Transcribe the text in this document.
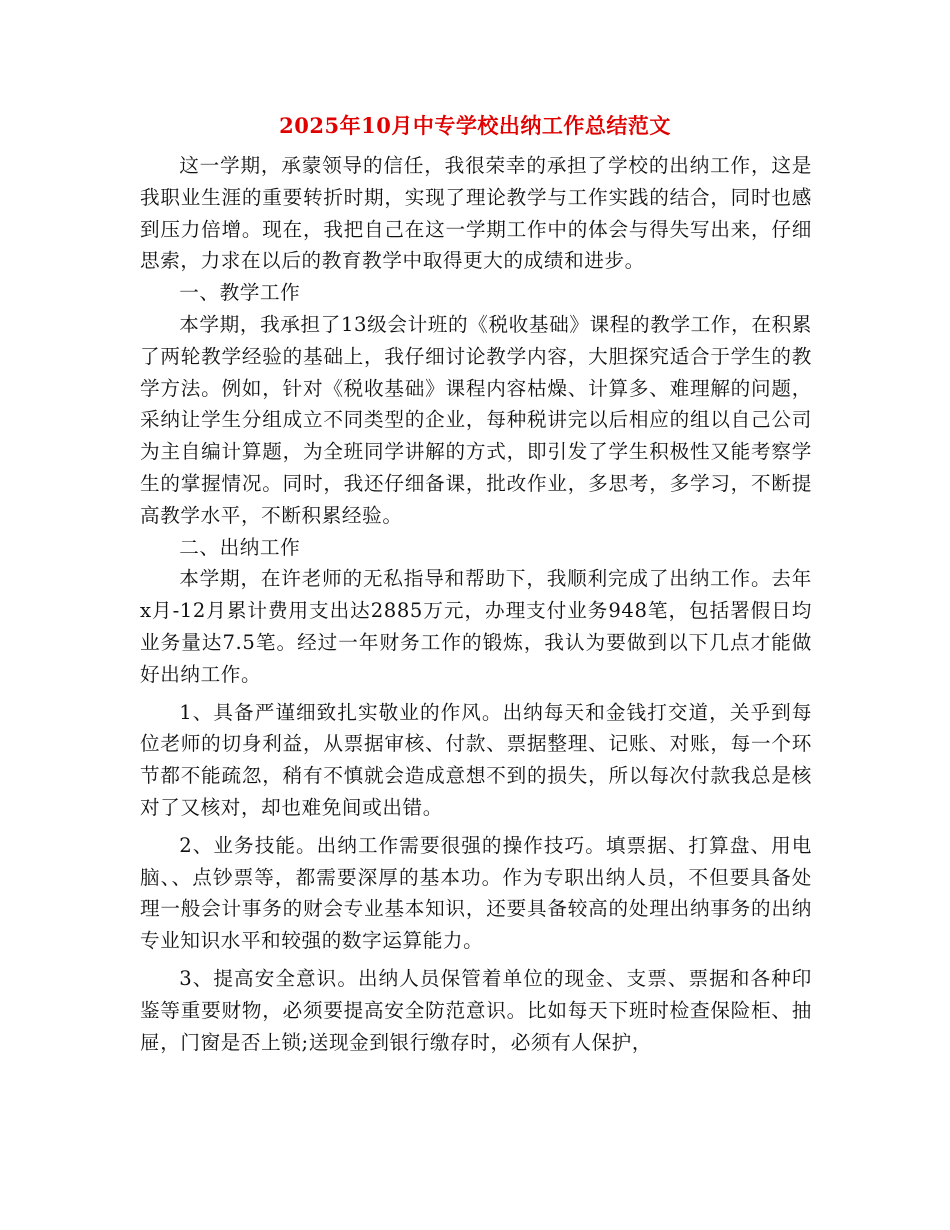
2025年10月中专学校出纳工作总结范文

这一学期，承蒙领导的信任，我很荣幸的承担了学校的出纳工作，这是我职业生涯的重要转折时期，实现了理论教学与工作实践的结合，同时也感到压力倍增。现在，我把自己在这一学期工作中的体会与得失写出来，仔细思索，力求在以后的教育教学中取得更大的成绩和进步。

一、教学工作

本学期，我承担了13级会计班的《税收基础》课程的教学工作，在积累了两轮教学经验的基础上，我仔细讨论教学内容，大胆探究适合于学生的教学方法。例如，针对《税收基础》课程内容枯燥、计算多、难理解的问题，采纳让学生分组成立不同类型的企业，每种税讲完以后相应的组以自己公司为主自编计算题，为全班同学讲解的方式，即引发了学生积极性又能考察学生的掌握情况。同时，我还仔细备课，批改作业，多思考，多学习，不断提高教学水平，不断积累经验。

二、出纳工作

本学期，在许老师的无私指导和帮助下，我顺利完成了出纳工作。去年x月-12月累计费用支出达2885万元，办理支付业务948笔，包括署假日均业务量达7.5笔。经过一年财务工作的锻炼，我认为要做到以下几点才能做好出纳工作。

1、具备严谨细致扎实敬业的作风。出纳每天和金钱打交道，关乎到每位老师的切身利益，从票据审核、付款、票据整理、记账、对账，每一个环节都不能疏忽，稍有不慎就会造成意想不到的损失，所以每次付款我总是核对了又核对，却也难免间或出错。

2、业务技能。出纳工作需要很强的操作技巧。填票据、打算盘、用电脑、、点钞票等，都需要深厚的基本功。作为专职出纳人员，不但要具备处理一般会计事务的财会专业基本知识，还要具备较高的处理出纳事务的出纳专业知识水平和较强的数字运算能力。

3、提高安全意识。出纳人员保管着单位的现金、支票、票据和各种印鉴等重要财物，必须要提高安全防范意识。比如每天下班时检查保险柜、抽屉，门窗是否上锁;送现金到银行缴存时，必须有人保护，
